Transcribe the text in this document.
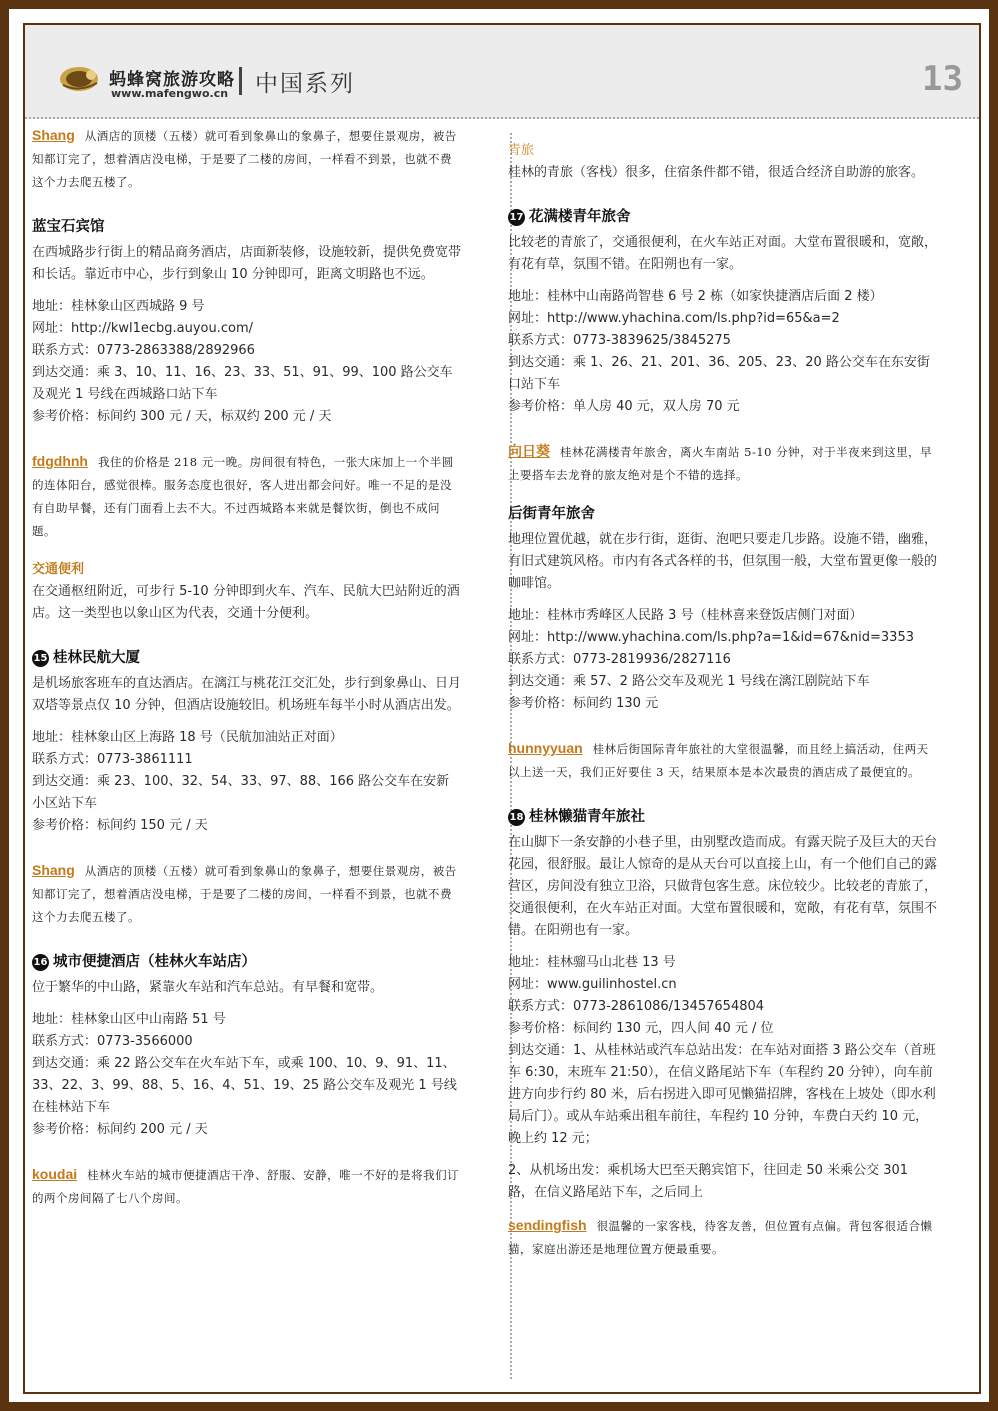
蚂蜂窝旅游攻略
www.mafengwo.cn 中国系列	13

Shang 从酒店的顶楼（五楼）就可看到象鼻山的象鼻子，想要住景观房，被告知都订完了，想着酒店没电梯，于是要了二楼的房间，一样看不到景，也就不费这个力去爬五楼了。

蓝宝石宾馆

在西城路步行街上的精品商务酒店，店面新装修，设施较新，提供免费宽带和长话。靠近市中心，步行到象山 10 分钟即可，距离文明路也不远。

地址：桂林象山区西城路 9 号

网址：http://kwl1ecbg.auyou.com/

联系方式：0773-2863388/2892966

到达交通：乘 3、10、11、16、23、33、51、91、99、100 路公交车及观光 1 号线在西城路口站下车

参考价格：标间约 300 元 / 天，标双约 200 元 / 天

fdgdhnh 我住的价格是 218 元一晚。房间很有特色，一张大床加上一个半圆的连体阳台，感觉很棒。服务态度也很好，客人进出都会问好。唯一不足的是没有自助早餐，还有门面看上去不大。不过西城路本来就是餐饮街，倒也不成问题。

交通便利

在交通枢纽附近，可步行 5-10 分钟即到火车、汽车、民航大巴站附近的酒店。这一类型也以象山区为代表，交通十分便利。

15 桂林民航大厦

是机场旅客班车的直达酒店。在漓江与桃花江交汇处，步行到象鼻山、日月双塔等景点仅 10 分钟，但酒店设施较旧。机场班车每半小时从酒店出发。

地址：桂林象山区上海路 18 号（民航加油站正对面）

联系方式：0773-3861111

到达交通：乘 23、100、32、54、33、97、88、166 路公交车在安新小区站下车

参考价格：标间约 150 元 / 天

Shang 从酒店的顶楼（五楼）就可看到象鼻山的象鼻子，想要住景观房，被告知都订完了，想着酒店没电梯，于是要了二楼的房间，一样看不到景，也就不费这个力去爬五楼了。

16 城市便捷酒店（桂林火车站店）

位于繁华的中山路，紧靠火车站和汽车总站。有早餐和宽带。

地址：桂林象山区中山南路 51 号

联系方式：0773-3566000

到达交通：乘 22 路公交车在火车站下车，或乘 100、10、9、91、11、33、22、3、99、88、5、16、4、51、19、25 路公交车及观光 1 号线在桂林站下车

参考价格：标间约 200 元 / 天

koudai 桂林火车站的城市便捷酒店干净、舒服、安静，唯一不好的是将我们订的两个房间隔了七八个房间。

青旅

桂林的青旅（客栈）很多，住宿条件都不错，很适合经济自助游的旅客。

17 花满楼青年旅舍

比较老的青旅了，交通很便利，在火车站正对面。大堂布置很暖和，宽敞，有花有草，氛围不错。在阳朔也有一家。

地址：桂林中山南路尚智巷 6 号 2 栋（如家快捷酒店后面 2 楼）

网址：http://www.yhachina.com/ls.php?id=65&a=2

联系方式：0773-3839625/3845275

到达交通：乘 1、26、21、201、36、205、23、20 路公交车在东安街口站下车

参考价格：单人房 40 元，双人房 70 元

向日葵 桂林花满楼青年旅舍，离火车南站 5-10 分钟，对于半夜来到这里，早上要搭车去龙脊的旅友绝对是个不错的选择。

后街青年旅舍

地理位置优越，就在步行街，逛街、泡吧只要走几步路。设施不错，幽雅，有旧式建筑风格。市内有各式各样的书，但氛围一般，大堂布置更像一般的咖啡馆。

地址：桂林市秀峰区人民路 3 号（桂林喜来登饭店侧门对面）

网址：http://www.yhachina.com/ls.php?a=1&id=67&nid=3353

联系方式：0773-2819936/2827116

到达交通：乘 57、2 路公交车及观光 1 号线在漓江剧院站下车

参考价格：标间约 130 元

hunnyyuan 桂林后街国际青年旅社的大堂很温馨，而且经上搞活动，住两天以上送一天，我们正好要住 3 天，结果原本是本次最贵的酒店成了最便宜的。

18 桂林懒猫青年旅社

在山脚下一条安静的小巷子里，由别墅改造而成。有露天院子及巨大的天台花园，很舒服。最让人惊奇的是从天台可以直接上山，有一个他们自己的露营区，房间没有独立卫浴，只做背包客生意。床位较少。比较老的青旅了，交通很便利，在火车站正对面。大堂布置很暖和，宽敞，有花有草，氛围不错。在阳朔也有一家。

地址：桂林骝马山北巷 13 号

网址：www.guilinhostel.cn

联系方式：0773-2861086/13457654804

参考价格：标间约 130 元，四人间 40 元 / 位

到达交通：1、从桂林站或汽车总站出发：在车站对面搭 3 路公交车（首班车 6:30，末班车 21:50），在信义路尾站下车（车程约 20 分钟），向车前进方向步行约 80 米，后右拐进入即可见懒猫招牌，客栈在上坡处（即水利局后门）。或从车站乘出租车前往，车程约 10 分钟，车费白天约 10 元，晚上约 12 元；

2、从机场出发：乘机场大巴至天鹅宾馆下，往回走 50 米乘公交 301 路，在信义路尾站下车，之后同上

sendingfish 很温馨的一家客栈，待客友善，但位置有点偏。背包客很适合懒猫，家庭出游还是地理位置方便最重要。
